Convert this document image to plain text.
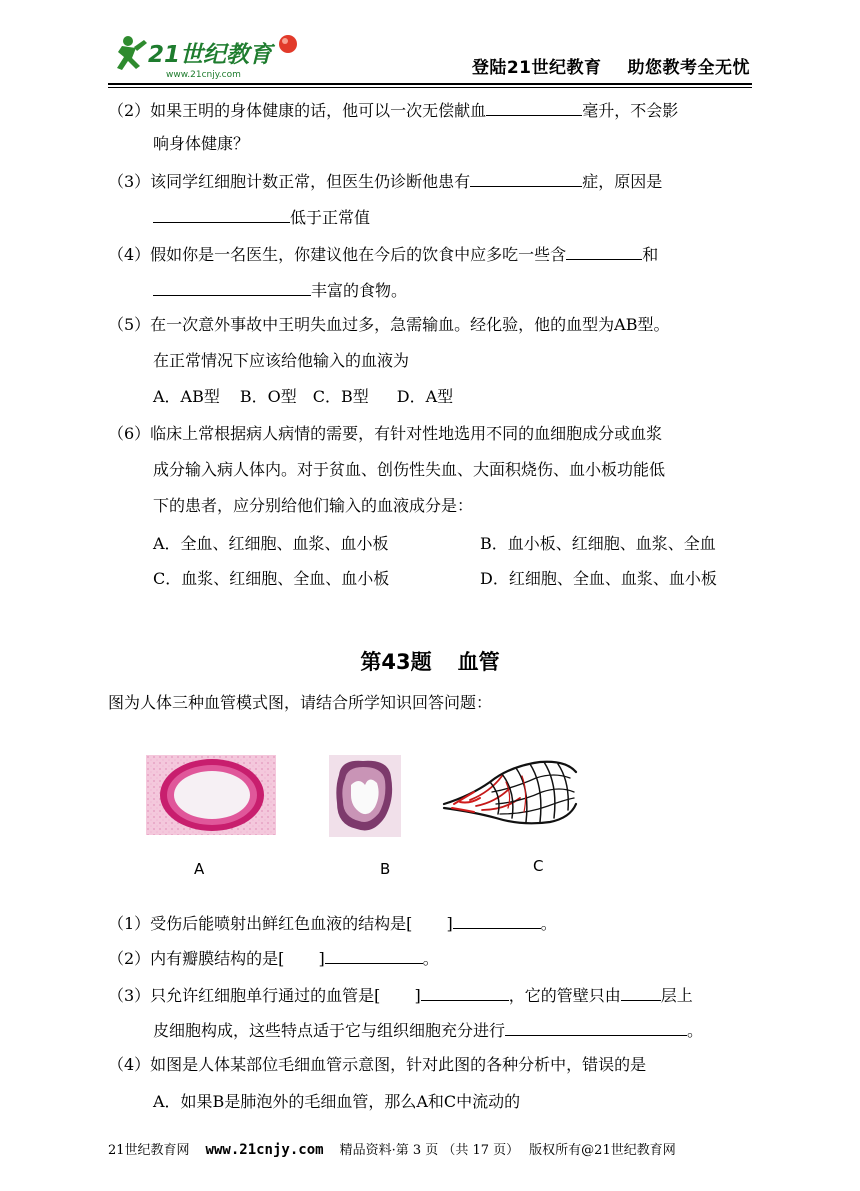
21世纪教育
www.21cnjy.com	登陆21世纪教育 助您教考全无忧
（2）如果王明的身体健康的话，他可以一次无偿献血	毫升，不会影
响身体健康？
（3）该同学红细胞计数正常，但医生仍诊断他患有	症，原因是
低于正常值
（4）假如你是一名医生，你建议他在今后的饮食中应多吃一些含	和
丰富的食物。
（5）在一次意外事故中王明失血过多，急需输血。经化验，他的血型为AB型。
在正常情况下应该给他输入的血液为
A．AB型 B．O型 C．B型 D．A型
（6）临床上常根据病人病情的需要，有针对性地选用不同的血细胞成分或血浆
成分输入病人体内。对于贫血、创伤性失血、大面积烧伤、血小板功能低
下的患者，应分别给他们输入的血液成分是：
A．全血、红细胞、血浆、血小板	B．血小板、红细胞、血浆、全血
C．血浆、红细胞、全血、血小板	D．红细胞、全血、血浆、血小板
第43题 血管
图为人体三种血管模式图，请结合所学知识回答问题：
A	B	C
（1）受伤后能喷射出鲜红色血液的结构是[ ]	。
（2）内有瓣膜结构的是[ ]	。
（3）只允许红细胞单行通过的血管是[ ]	，它的管壁只由	层上
皮细胞构成，这些特点适于它与组织细胞充分进行	。
（4）如图是人体某部位毛细血管示意图，针对此图的各种分析中，错误的是
A．如果B是肺泡外的毛细血管，那么A和C中流动的
21世纪教育网 www.21cnjy.com 精品资料·第 3 页 （共 17 页） 版权所有@21世纪教育网
